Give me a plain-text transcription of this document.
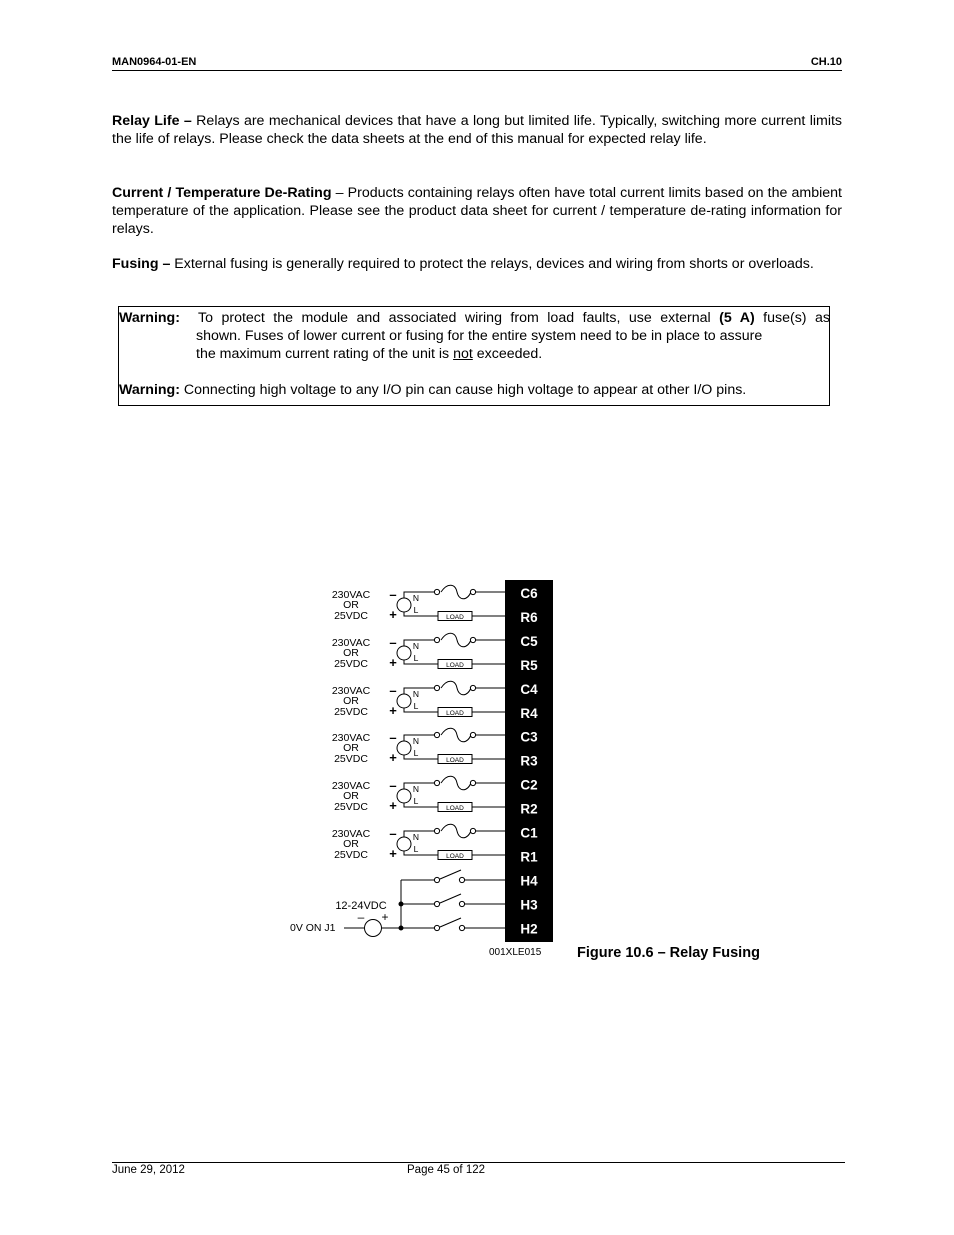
MAN0964-01-EN	CH.10
Relay Life – Relays are mechanical devices that have a long but limited life. Typically, switching more current limits the life of relays. Please check the data sheets at the end of this manual for expected relay life.
Current / Temperature De-Rating – Products containing relays often have total current limits based on the ambient temperature of the application. Please see the product data sheet for current / temperature de-rating information for relays.
Fusing – External fusing is generally required to protect the relays, devices and wiring from shorts or overloads.
Warning: To protect the module and associated wiring from load faults, use external (5 A) fuse(s) as
shown. Fuses of lower current or fusing for the entire system need to be in place to assure
the maximum current rating of the unit is not exceeded.
Warning: Connecting high voltage to any I/O pin can cause high voltage to appear at other I/O pins.
C6
R6
C5
R5
C4
R4
C3
R3
C2
R2
C1
R1
H4
H3
H2
230VAC
OR
25VDC
–
+
N
L
LOAD
230VAC
OR
25VDC
–
+
N
L
LOAD
230VAC
OR
25VDC
–
+
N
L
LOAD
230VAC
OR
25VDC
–
+
N
L
LOAD
230VAC
OR
25VDC
–
+
N
L
LOAD
230VAC
OR
25VDC
–
+
N
L
LOAD
12-24VDC
– +
0V ON J1
001XLE015 Figure 10.6 – Relay Fusing
June 29, 2012	Page 45 of 122
